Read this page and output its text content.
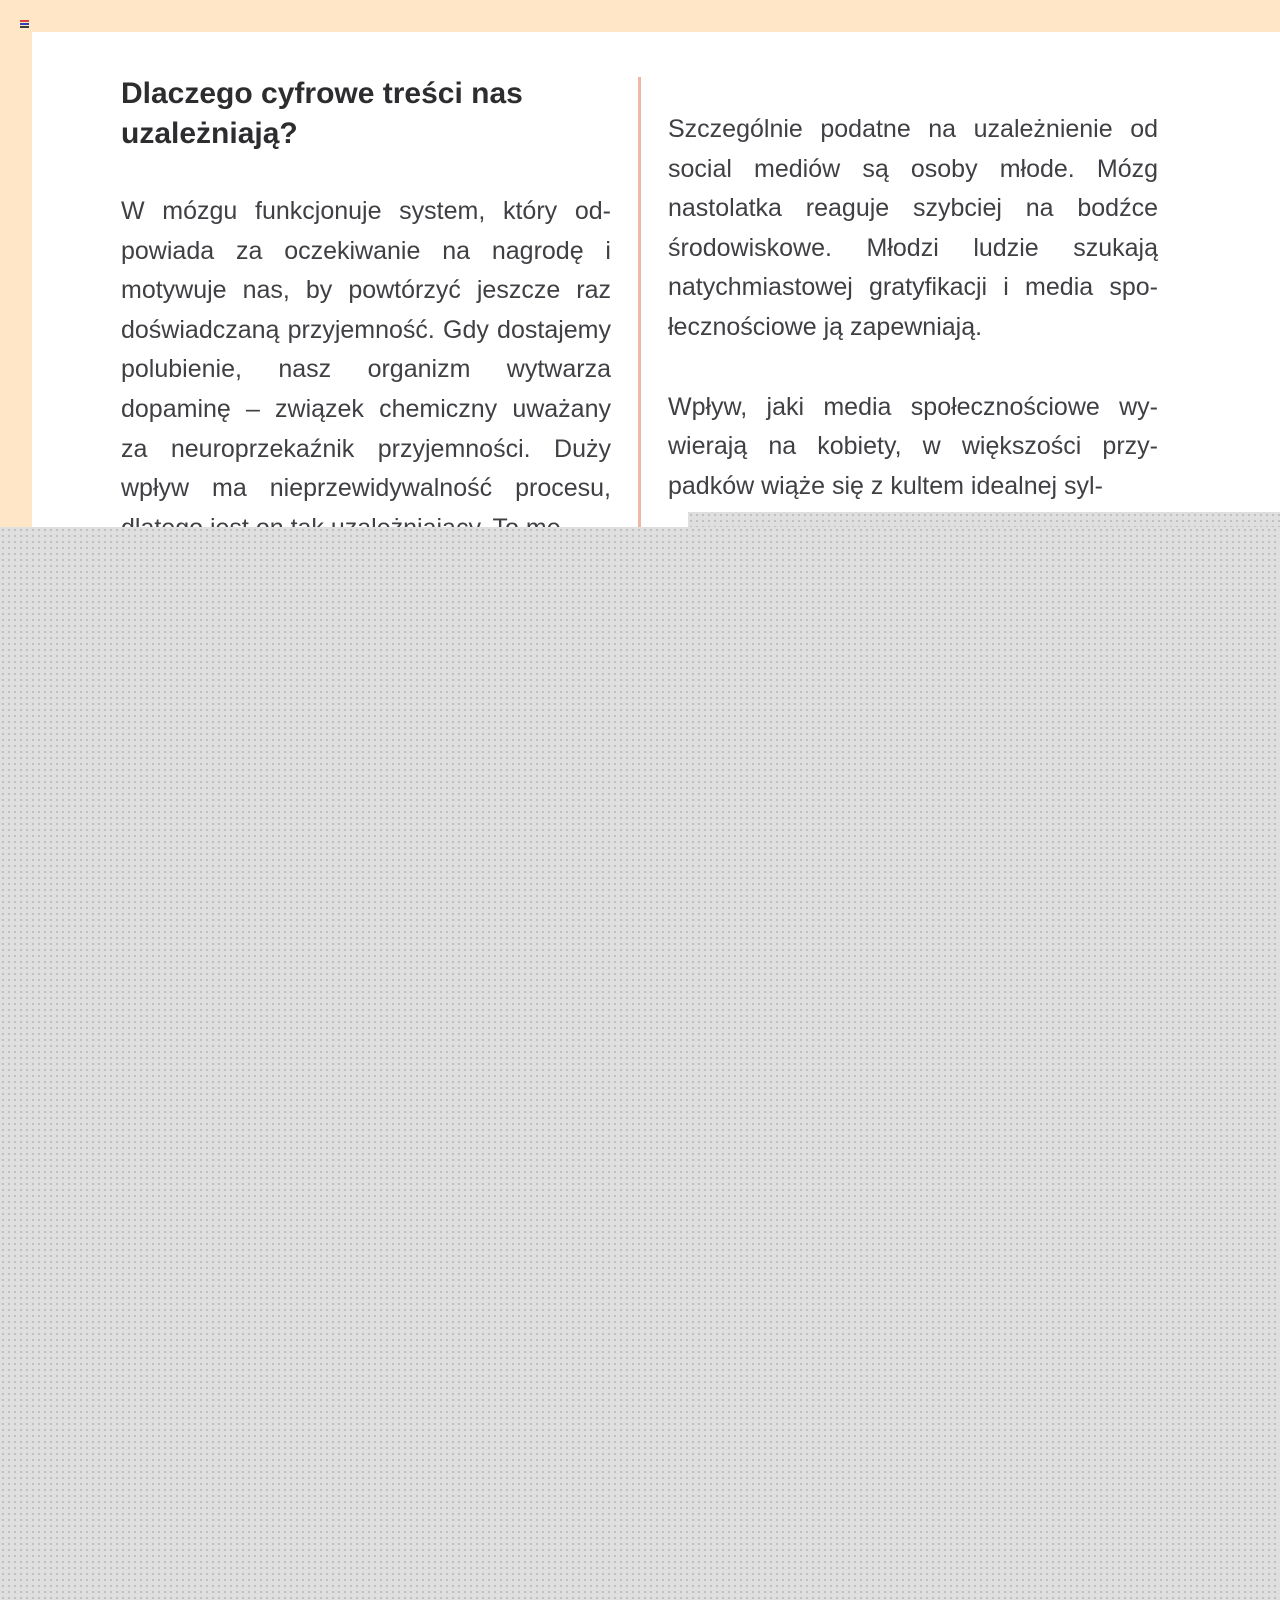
Dlaczego cyfrowe treści nas uzależniają?

W mózgu funkcjonuje system, który odpowiada za oczekiwanie na nagrodę i motywuje nas, by powtórzyć jeszcze raz doświadczaną przyjemność. Gdy dostajemy polubienie, nasz organizm wytwarza dopaminę – związek chemiczny uważany za neuroprzekaźnik przyjemności. Duży wpływ ma nieprzewidywalność procesu,

Szczególnie podatne na uzależnienie od social mediów są osoby młode. Mózg nastolatka reaguje szybciej na bodźce środowiskowe. Młodzi ludzie szukają natychmiastowej gratyfikacji i media społecznościowe ją zapewniają.

Wpływ, jaki media społecznościowe wywierają na kobiety, w większości przypadków wiąże się z kultem idealnej syl-
